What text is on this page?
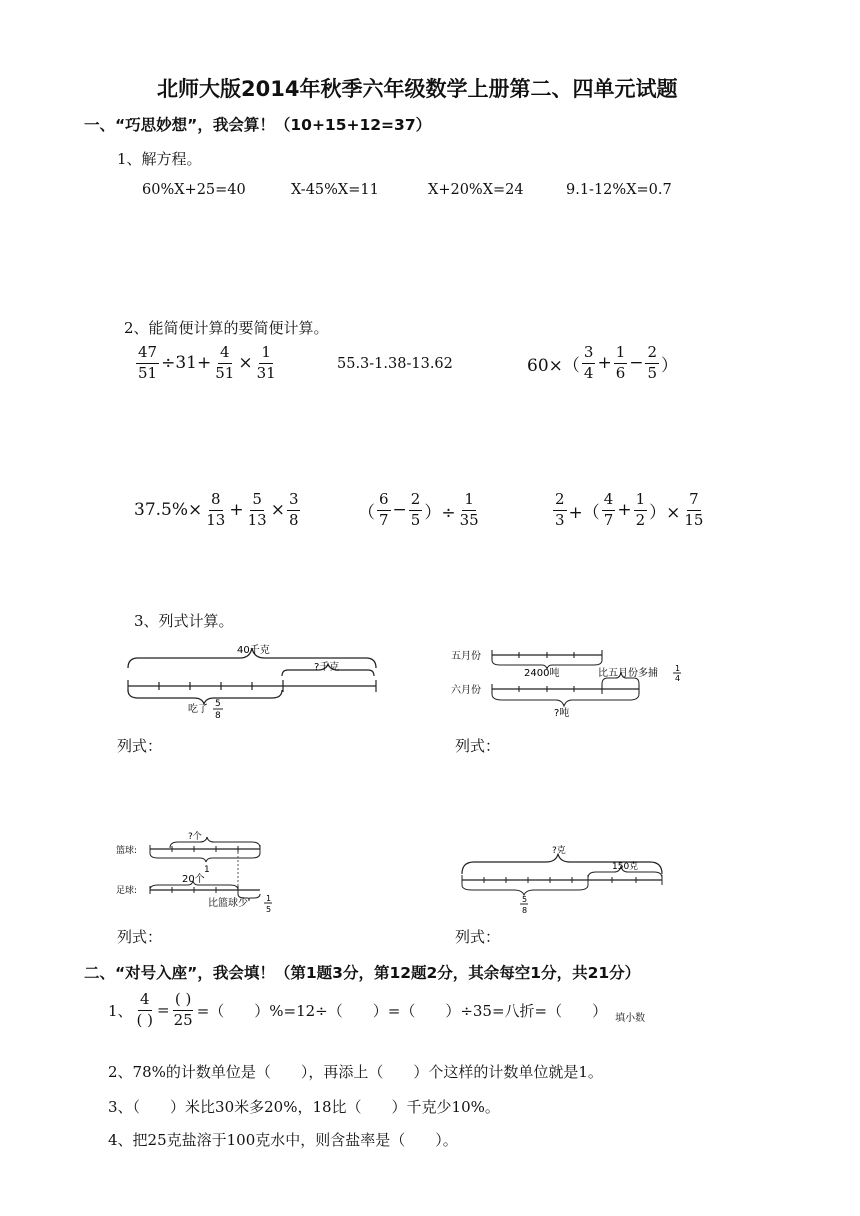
北师大版2014年秋季六年级数学上册第二、四单元试题
一、“巧思妙想”，我会算！（10+15+12=37）
1、解方程。
60%X+25=40	X-45%X=11	X+20%X=24	9.1-12%X=0.7
2、能简便计算的要简便计算。
$\frac{47}{51} \div 31+ \frac{4}{51} \times \frac{1}{31}$	55.3-1.38-13.62	$60\times( \frac{3}{4} + \frac{1}{6} - \frac{2}{5}$ ）
$37.5\%\times \frac{8}{13} + \frac{5}{13} \times \frac{3}{8}$	（ $\frac{6}{7} - \frac{2}{5}$ ）÷ $\frac{1}{35}$	$\frac{2}{3}$ +（ $\frac{4}{7} + \frac{1}{2}$ ）× $\frac{7}{15}$
3、列式计算。
40千克
?千克
吃了 5
8
列式：
五月份
2400吨
六月份
比五月份多捕 1
4
?吨
列式：
?个
篮球:
1
20个
足球:
比篮球少 1
5
列式：
?克
150克
5
8
列式：
二、“对号入座”，我会填！（第1题3分，第12题2分，其余每空1分，共21分）
1、 $\frac{4}{( )} = \frac{( )}{25}$ =（　　）%=12÷（　　）=（　　）÷35=八折=（　　） 填小数
2、78%的计数单位是（　　），再添上（　　）个这样的计数单位就是1。
3、（　　）米比30米多20%，18比（　　）千克少10%。
4、把25克盐溶于100克水中，则含盐率是（　　）。
